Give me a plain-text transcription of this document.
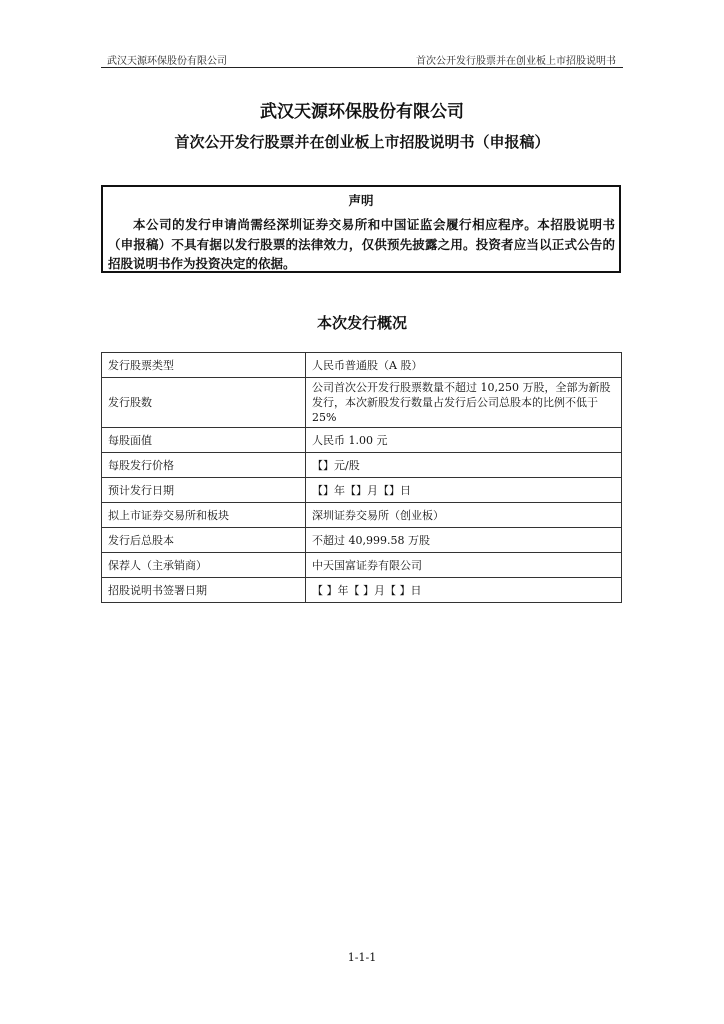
武汉天源环保股份有限公司	首次公开发行股票并在创业板上市招股说明书
武汉天源环保股份有限公司
首次公开发行股票并在创业板上市招股说明书（申报稿）
声明
本公司的发行申请尚需经深圳证券交易所和中国证监会履行相应程序。本招股说明书（申报稿）不具有据以发行股票的法律效力，仅供预先披露之用。投资者应当以正式公告的招股说明书作为投资决定的依据。
本次发行概况
发行股票类型	人民币普通股（A 股）
发行股数	公司首次公开发行股票数量不超过 10,250 万股，全部为新股发行，本次新股发行数量占发行后公司总股本的比例不低于 25%
每股面值	人民币 1.00 元
每股发行价格	【】元/股
预计发行日期	【】年【】月【】日
拟上市证券交易所和板块	深圳证券交易所（创业板）
发行后总股本	不超过 40,999.58 万股
保荐人（主承销商）	中天国富证券有限公司
招股说明书签署日期	【 】年【 】月【 】日
1-1-1
